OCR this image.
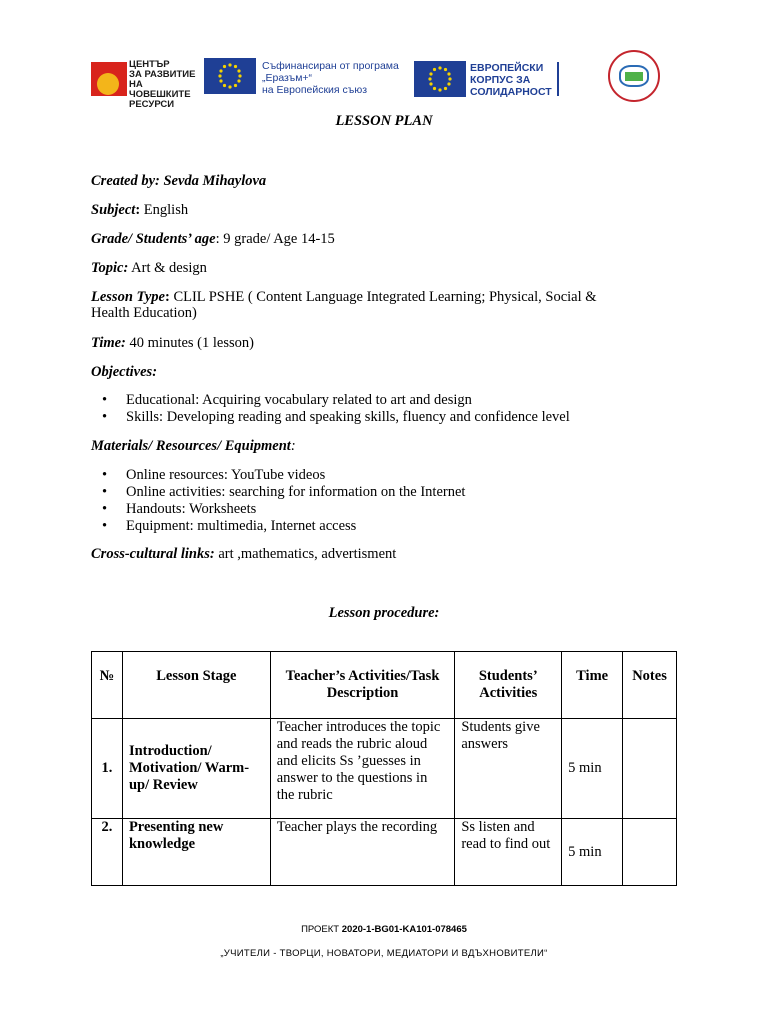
ЦЕНТЪР
ЗА РАЗВИТИЕ
НА ЧОВЕШКИТЕ
РЕСУРСИ
Съфинансиран от програма
„Еразъм+“
на Европейския съюз
ЕВРОПЕЙСКИ
КОРПУС ЗА
СОЛИДАРНОСТ
LESSON PLAN
Created by: Sevda Mihaylova
Subject: English
Grade/ Students’ age: 9 grade/ Age 14-15
Topic: Art & design
Lesson Type: CLIL PSHE ( Content Language Integrated Learning; Physical, Social &
Health Education)
Time: 40 minutes (1 lesson)
Objectives:
• Educational: Acquiring vocabulary related to art and design
• Skills: Developing reading and speaking skills, fluency and confidence level
Materials/ Resources/ Equipment:
• Online resources: YouTube videos
• Online activities: searching for information on the Internet
• Handouts: Worksheets
• Equipment: multimedia, Internet access
Cross-cultural links: art ,mathematics, advertisment
Lesson procedure:
№	Lesson Stage	Teacher’s Activities/Task Description	Students’ Activities	Time	Notes
1.	Introduction/ Motivation/ Warm-up/ Review	Teacher introduces the topic and reads the rubric aloud and elicits Ss ’guesses in answer to the questions in the rubric	Students give answers	5 min	

2.	Presenting new knowledge	Teacher plays the recording	Ss listen and read to find out	5 min	

ПРОЕКТ 2020-1-BG01-KA101-078465
„УЧИТЕЛИ - ТВОРЦИ, НОВАТОРИ, МЕДИАТОРИ И ВДЪХНОВИТЕЛИ“
